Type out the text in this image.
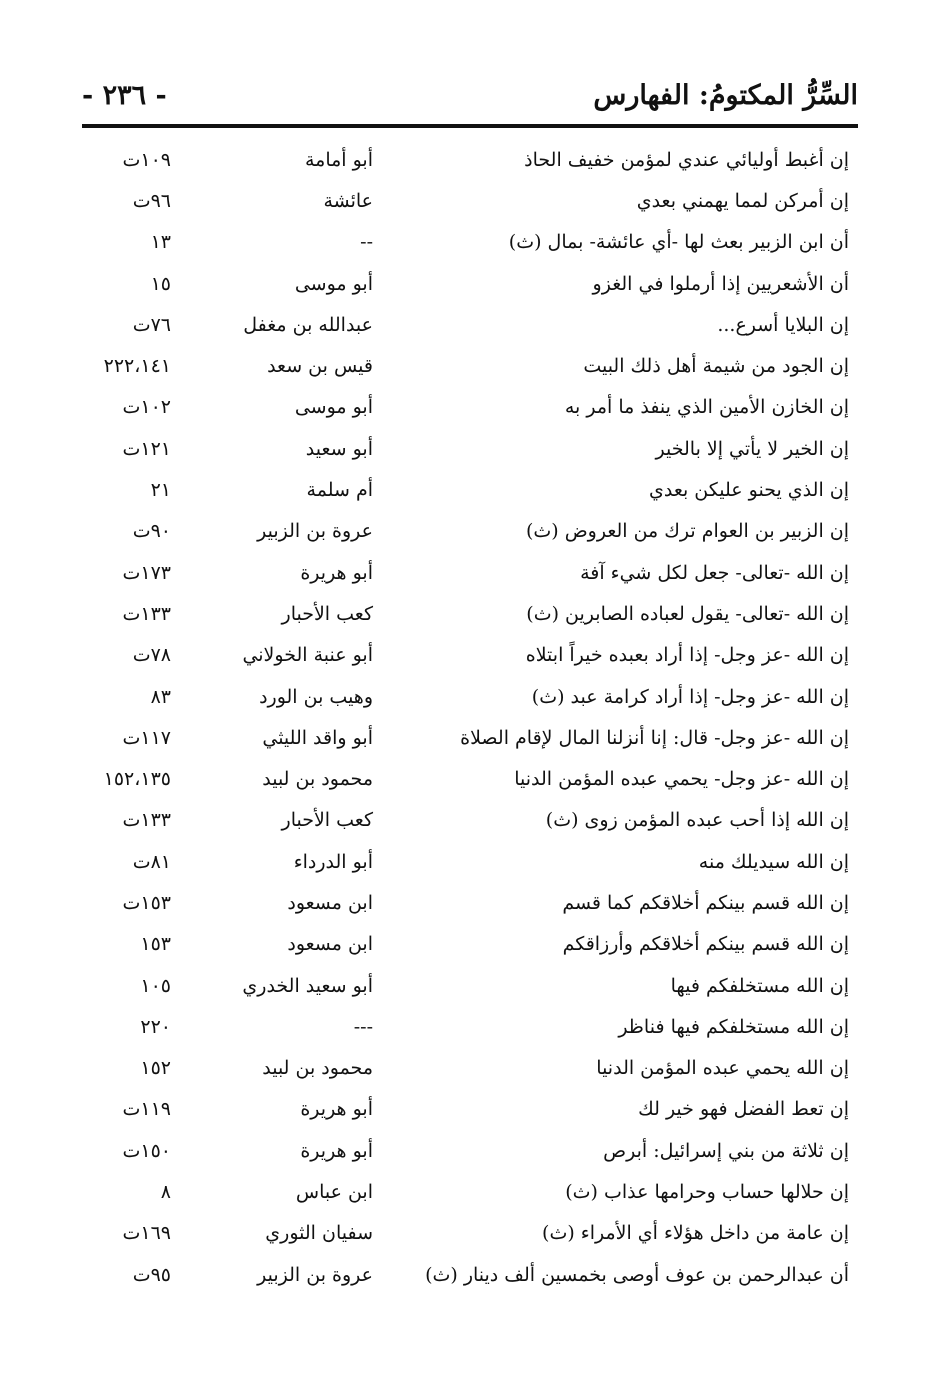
السِّرُّ المكتومُ: الفهارس
- ٢٣٦ -
إن أغبط أوليائي عندي لمؤمن خفيف الحاذ
أبو أمامة
١٠٩ت
إن أمركن لمما يهمني بعدي
عائشة
٩٦ت
أن ابن الزبير بعث لها -أي عائشة- بمال (ث)
--
١٣
أن الأشعريين إذا أرملوا في الغزو
أبو موسى
١٥
إن البلايا أسرع...
عبدالله بن مغفل
٧٦ت
إن الجود من شيمة أهل ذلك البيت
قيس بن سعد
٢٢٢،١٤١
إن الخازن الأمين الذي ينفذ ما أمر به
أبو موسى
١٠٢ت
إن الخير لا يأتي إلا بالخير
أبو سعيد
١٢١ت
إن الذي يحنو عليكن بعدي
أم سلمة
٢١
إن الزبير بن العوام ترك من العروض (ث)
عروة بن الزبير
٩٠ت
إن الله -تعالى- جعل لكل شيء آفة
أبو هريرة
١٧٣ت
إن الله -تعالى- يقول لعباده الصابرين (ث)
كعب الأحبار
١٣٣ت
إن الله -عز وجل- إذا أراد بعبده خيراً ابتلاه
أبو عنبة الخولاني
٧٨ت
إن الله -عز وجل- إذا أراد كرامة عبد (ث)
وهيب بن الورد
٨٣
إن الله -عز وجل- قال: إنا أنزلنا المال لإقام الصلاة
أبو واقد الليثي
١١٧ت
إن الله -عز وجل- يحمي عبده المؤمن الدنيا
محمود بن لبيد
١٥٢،١٣٥
إن الله إذا أحب عبده المؤمن زوى (ث)
كعب الأحبار
١٣٣ت
إن الله سيديلك منه
أبو الدرداء
٨١ت
إن الله قسم بينكم أخلاقكم كما قسم
ابن مسعود
١٥٣ت
إن الله قسم بينكم أخلاقكم وأرزاقكم
ابن مسعود
١٥٣
إن الله مستخلفكم فيها
أبو سعيد الخدري
١٠٥
إن الله مستخلفكم فيها فناظر
---
٢٢٠
إن الله يحمي عبده المؤمن الدنيا
محمود بن لبيد
١٥٢
إن تعط الفضل فهو خير لك
أبو هريرة
١١٩ت
إن ثلاثة من بني إسرائيل: أبرص
أبو هريرة
١٥٠ت
إن حلالها حساب وحرامها عذاب (ث)
ابن عباس
٨
إن عامة من داخل هؤلاء أي الأمراء (ث)
سفيان الثوري
١٦٩ت
أن عبدالرحمن بن عوف أوصى بخمسين ألف دينار (ث)
عروة بن الزبير
٩٥ت
